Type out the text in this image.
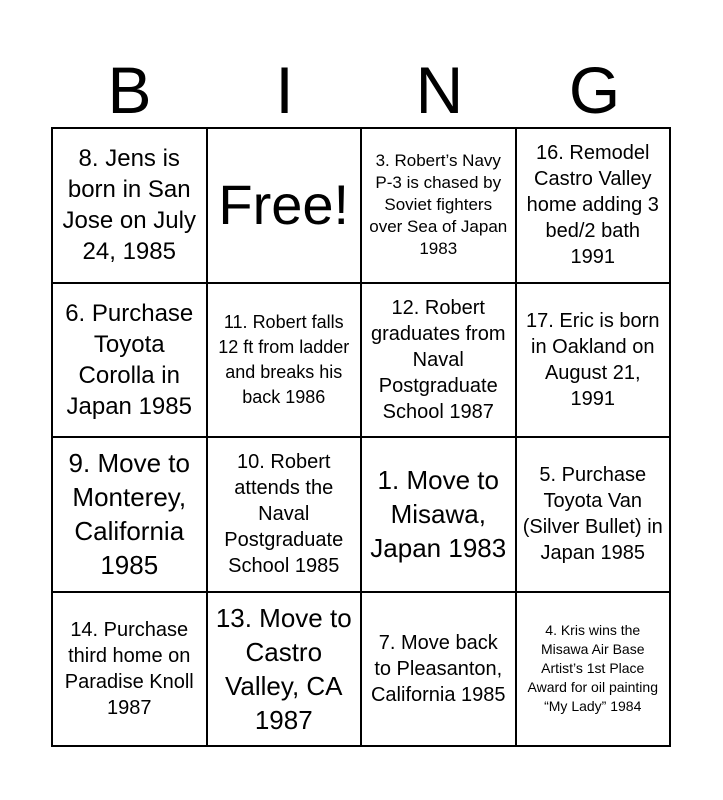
B	I	N	G
8. Jens is born in San Jose on July 24, 1985
Free!
3. Robert’s Navy P-3 is chased by Soviet fighters over Sea of Japan 1983
16. Remodel Castro Valley home adding 3 bed/2 bath 1991
6. Purchase Toyota Corolla in Japan 1985
11. Robert falls 12 ft from ladder and breaks his back 1986
12. Robert graduates from Naval Postgraduate School 1987
17. Eric is born in Oakland on August 21, 1991
9. Move to Monterey, California 1985
10. Robert attends the Naval Postgraduate School 1985
1. Move to Misawa, Japan 1983
5. Purchase Toyota Van (Silver Bullet) in Japan 1985
14. Purchase third home on Paradise Knoll 1987
13. Move to Castro Valley, CA 1987
7. Move back to Pleasanton, California 1985
4. Kris wins the Misawa Air Base Artist’s 1st Place Award for oil painting “My Lady” 1984
